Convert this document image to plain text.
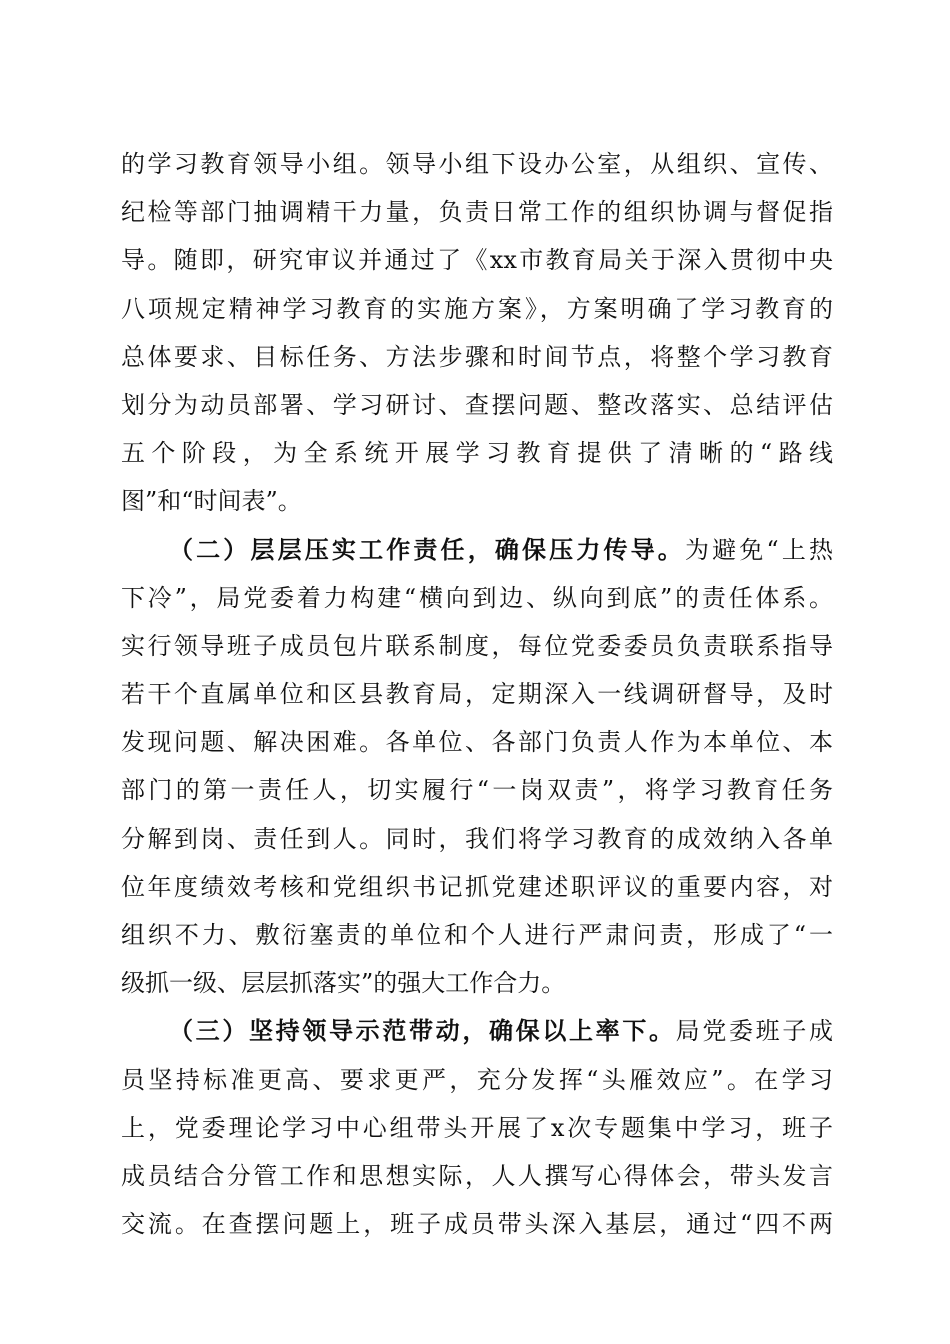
的学习教育领导小组。领导小组下设办公室，从组织、宣传、
纪检等部门抽调精干力量，负责日常工作的组织协调与督促指
导。随即，研究审议并通过了《xx市教育局关于深入贯彻中央
八项规定精神学习教育的实施方案》，方案明确了学习教育的
总体要求、目标任务、方法步骤和时间节点，将整个学习教育
划分为动员部署、学习研讨、查摆问题、整改落实、总结评估
五个阶段，为全系统开展学习教育提供了清晰的“路线
图”和“时间表”。
（二）层层压实工作责任，确保压力传导。为避免“上热
下冷”，局党委着力构建“横向到边、纵向到底”的责任体系。
实行领导班子成员包片联系制度，每位党委委员负责联系指导
若干个直属单位和区县教育局，定期深入一线调研督导，及时
发现问题、解决困难。各单位、各部门负责人作为本单位、本
部门的第一责任人，切实履行“一岗双责”，将学习教育任务
分解到岗、责任到人。同时，我们将学习教育的成效纳入各单
位年度绩效考核和党组织书记抓党建述职评议的重要内容，对
组织不力、敷衍塞责的单位和个人进行严肃问责，形成了“一
级抓一级、层层抓落实”的强大工作合力。
（三）坚持领导示范带动，确保以上率下。局党委班子成
员坚持标准更高、要求更严，充分发挥“头雁效应”。在学习
上，党委理论学习中心组带头开展了x次专题集中学习，班子
成员结合分管工作和思想实际，人人撰写心得体会，带头发言
交流。在查摆问题上，班子成员带头深入基层，通过“四不两
